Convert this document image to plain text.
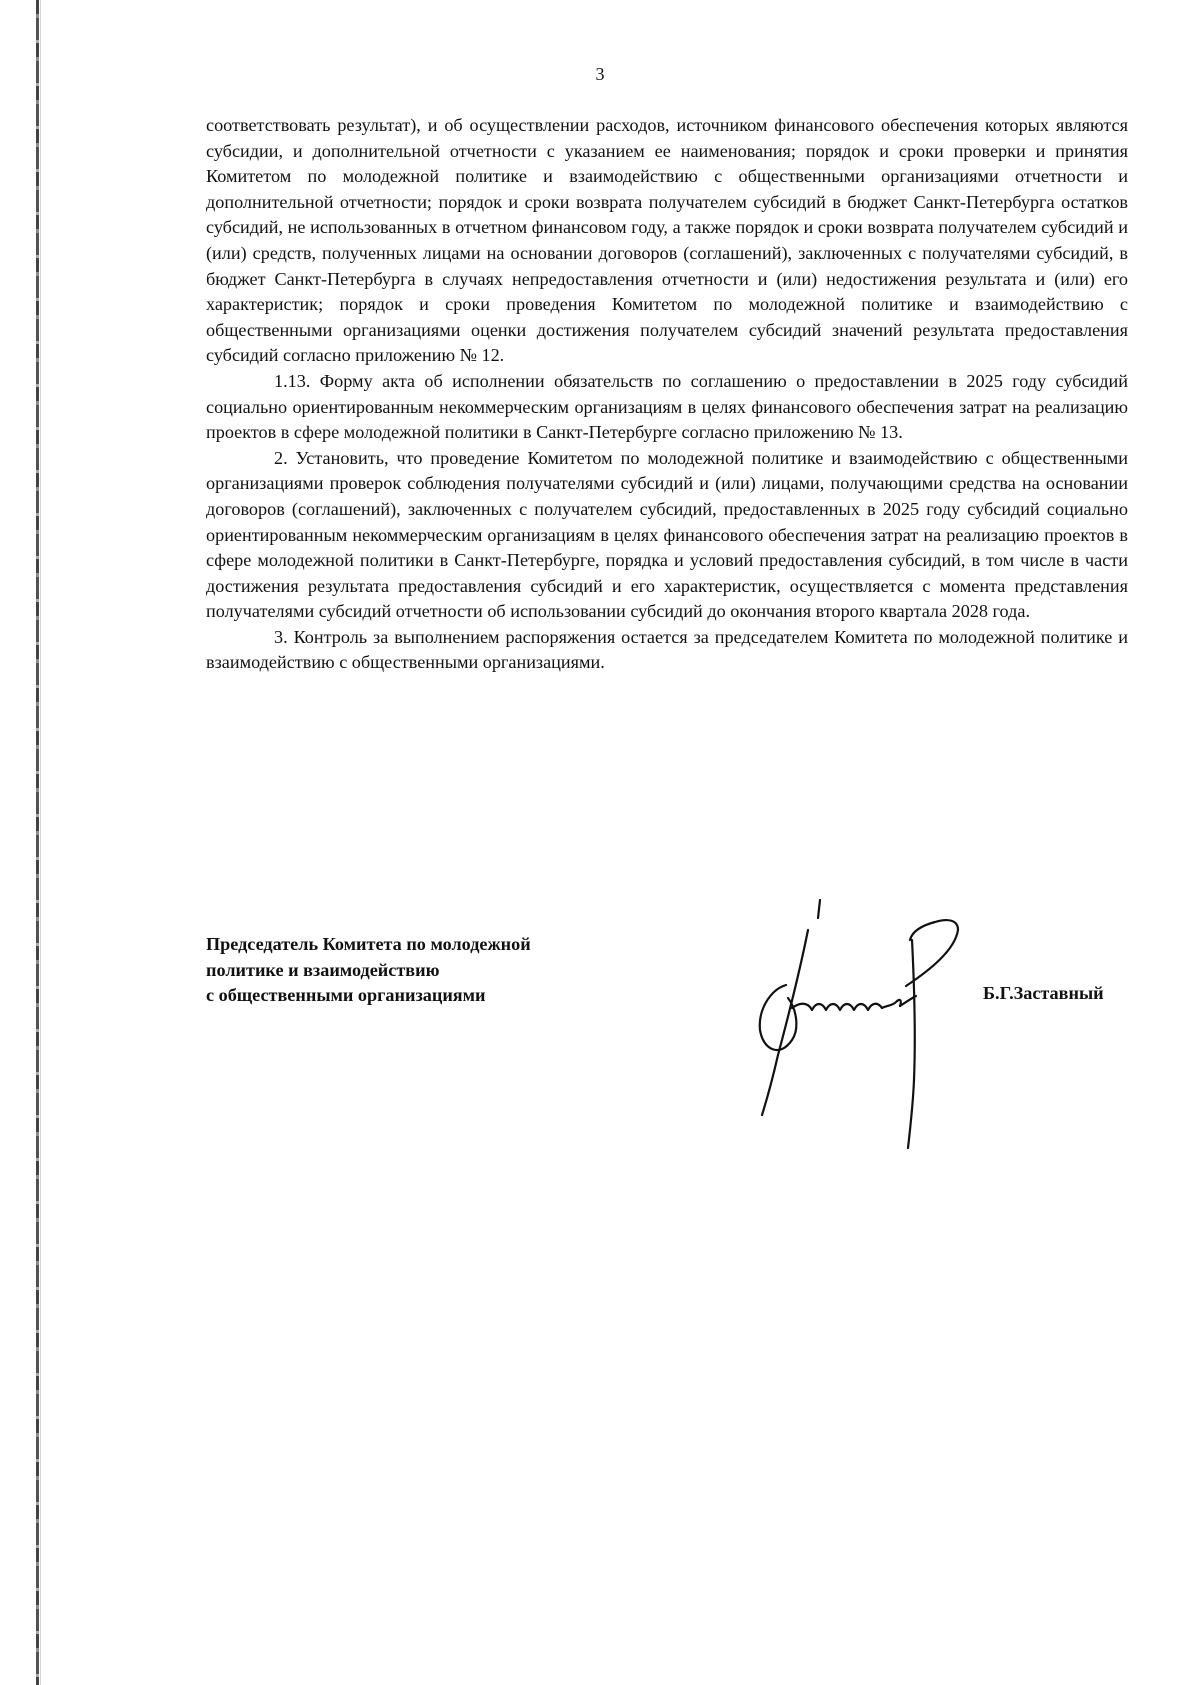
3

соответствовать результат), и об осуществлении расходов, источником финансового обеспечения которых являются субсидии, и дополнительной отчетности с указанием ее наименования; порядок и сроки проверки и принятия Комитетом по молодежной политике и взаимодействию с общественными организациями отчетности и дополнительной отчетности; порядок и сроки возврата получателем субсидий в бюджет Санкт-Петербурга остатков субсидий, не использованных в отчетном финансовом году, а также порядок и сроки возврата получателем субсидий и (или) средств, полученных лицами на основании договоров (соглашений), заключенных с получателями субсидий, в бюджет Санкт-Петербурга в случаях непредоставления отчетности и (или) недостижения результата и (или) его характеристик; порядок и сроки проведения Комитетом по молодежной политике и взаимодействию с общественными организациями оценки достижения получателем субсидий значений результата предоставления субсидий согласно приложению № 12.

1.13. Форму акта об исполнении обязательств по соглашению о предоставлении в 2025 году субсидий социально ориентированным некоммерческим организациям в целях финансового обеспечения затрат на реализацию проектов в сфере молодежной политики в Санкт-Петербурге согласно приложению № 13.

2. Установить, что проведение Комитетом по молодежной политике и взаимодействию с общественными организациями проверок соблюдения получателями субсидий и (или) лицами, получающими средства на основании договоров (соглашений), заключенных с получателем субсидий, предоставленных в 2025 году субсидий социально ориентированным некоммерческим организациям в целях финансового обеспечения затрат на реализацию проектов в сфере молодежной политики в Санкт-Петербурге, порядка и условий предоставления субсидий, в том числе в части достижения результата предоставления субсидий и его характеристик, осуществляется с момента представления получателями субсидий отчетности об использовании субсидий до окончания второго квартала 2028 года.

3. Контроль за выполнением распоряжения остается за председателем Комитета по молодежной политике и взаимодействию с общественными организациями.

Председатель Комитета по молодежной
политике и взаимодействию
с общественными организациями	Б.Г.Заставный
